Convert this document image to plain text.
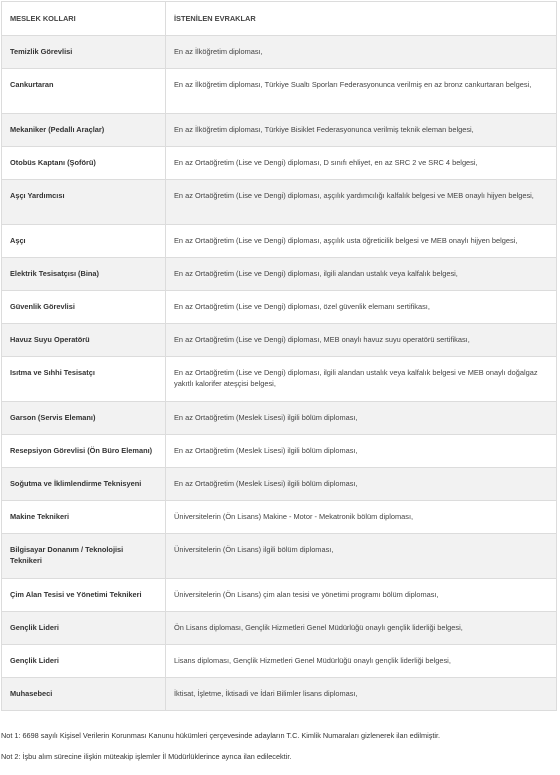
MESLEK KOLLARI	İSTENİLEN EVRAKLAR

Temizlik Görevlisi	En az İlköğretim diploması,

Cankurtaran	En az İlköğretim diploması, Türkiye Sualtı Sporları Federasyonunca verilmiş en az bronz cankurtaran belgesi,

Mekaniker (Pedallı Araçlar)	En az İlköğretim diploması, Türkiye Bisiklet Federasyonunca verilmiş teknik eleman belgesi,

Otobüs Kaptanı (Şoförü)	En az Ortaöğretim (Lise ve Dengi) diploması, D sınıfı ehliyet, en az SRC 2 ve SRC 4 belgesi,

Aşçı Yardımcısı	En az Ortaöğretim (Lise ve Dengi) diploması, aşçılık yardımcılığı kalfalık belgesi ve MEB onaylı hijyen belgesi,

Aşçı	En az Ortaöğretim (Lise ve Dengi) diploması, aşçılık usta öğreticilik belgesi ve MEB onaylı hijyen belgesi,

Elektrik Tesisatçısı (Bina)	En az Ortaöğretim (Lise ve Dengi) diploması, ilgili alandan ustalık veya kalfalık belgesi,

Güvenlik Görevlisi	En az Ortaöğretim (Lise ve Dengi) diploması, özel güvenlik elemanı sertifikası,

Havuz Suyu Operatörü	En az Ortaöğretim (Lise ve Dengi) diploması, MEB onaylı havuz suyu operatörü sertifikası,

Isıtma ve Sıhhi Tesisatçı	En az Ortaöğretim (Lise ve Dengi) diploması, ilgili alandan ustalık veya kalfalık belgesi ve MEB onaylı doğalgaz yakıtlı kalorifer ateşçisi belgesi,

Garson (Servis Elemanı)	En az Ortaöğretim (Meslek Lisesi) ilgili bölüm diploması,

Resepsiyon Görevlisi (Ön Büro Elemanı)	En az Ortaöğretim (Meslek Lisesi) ilgili bölüm diploması,

Soğutma ve İklimlendirme Teknisyeni	En az Ortaöğretim (Meslek Lisesi) ilgili bölüm diploması,

Makine Teknikeri	Üniversitelerin (Ön Lisans) Makine - Motor - Mekatronik bölüm diploması,

Bilgisayar Donanım / Teknolojisi Teknikeri	Üniversitelerin (Ön Lisans) ilgili bölüm diploması,

Çim Alan Tesisi ve Yönetimi Teknikeri	Üniversitelerin (Ön Lisans) çim alan tesisi ve yönetimi programı bölüm diploması,

Gençlik Lideri	Ön Lisans diploması, Gençlik Hizmetleri Genel Müdürlüğü onaylı gençlik liderliği belgesi,

Gençlik Lideri	Lisans diploması, Gençlik Hizmetleri Genel Müdürlüğü onaylı gençlik liderliği belgesi,

Muhasebeci	İktisat, İşletme, İktisadi ve İdari Bilimler lisans diploması,

Not 1: 6698 sayılı Kişisel Verilerin Korunması Kanunu hükümleri çerçevesinde adayların T.C. Kimlik Numaraları gizlenerek ilan edilmiştir.

Not 2: İşbu alım sürecine ilişkin müteakip işlemler İl Müdürlüklerince ayrıca ilan edilecektir.
